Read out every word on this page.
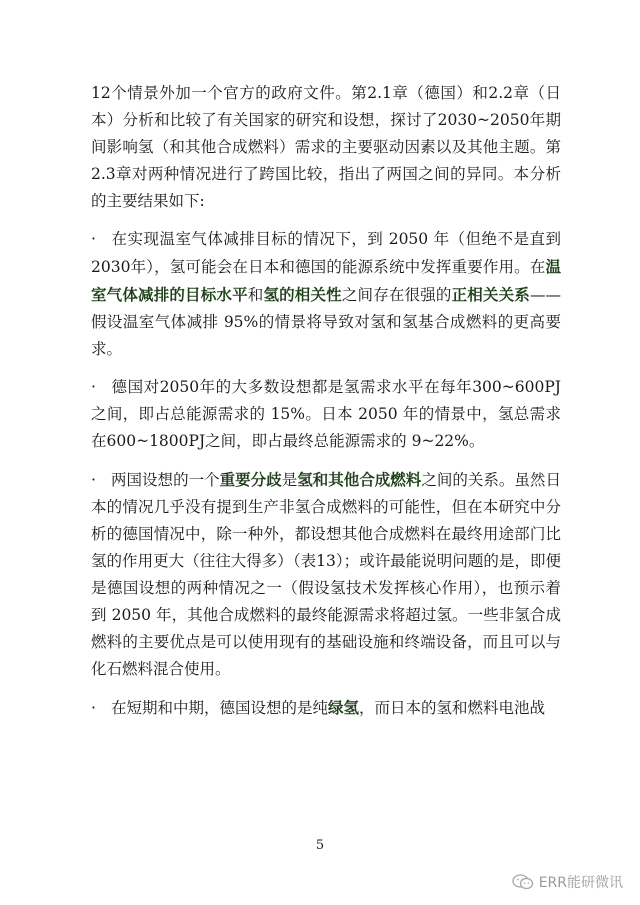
12个情景外加一个官方的政府文件。第2.1章（德国）和2.2章（日本）分析和比较了有关国家的研究和设想，探讨了2030~2050年期间影响氢（和其他合成燃料）需求的主要驱动因素以及其他主题。第2.3章对两种情况进行了跨国比较，指出了两国之间的异同。本分析的主要结果如下:

· 在实现温室气体减排目标的情况下，到 2050 年（但绝不是直到2030年），氢可能会在日本和德国的能源系统中发挥重要作用。在温室气体减排的目标水平和氢的相关性之间存在很强的正相关关系——假设温室气体减排 95%的情景将导致对氢和氢基合成燃料的更高要求。

· 德国对2050年的大多数设想都是氢需求水平在每年300~600PJ之间，即占总能源需求的 15%。日本 2050 年的情景中，氢总需求在600~1800PJ之间，即占最终总能源需求的 9~22%。

· 两国设想的一个重要分歧是氢和其他合成燃料之间的关系。虽然日本的情况几乎没有提到生产非氢合成燃料的可能性，但在本研究中分析的德国情况中，除一种外，都设想其他合成燃料在最终用途部门比氢的作用更大（往往大得多）（表13）；或许最能说明问题的是，即便是德国设想的两种情况之一（假设氢技术发挥核心作用），也预示着到 2050 年，其他合成燃料的最终能源需求将超过氢。一些非氢合成燃料的主要优点是可以使用现有的基础设施和终端设备，而且可以与化石燃料混合使用。

· 在短期和中期，德国设想的是纯绿氢，而日本的氢和燃料电池战

5
ERR能研微讯
